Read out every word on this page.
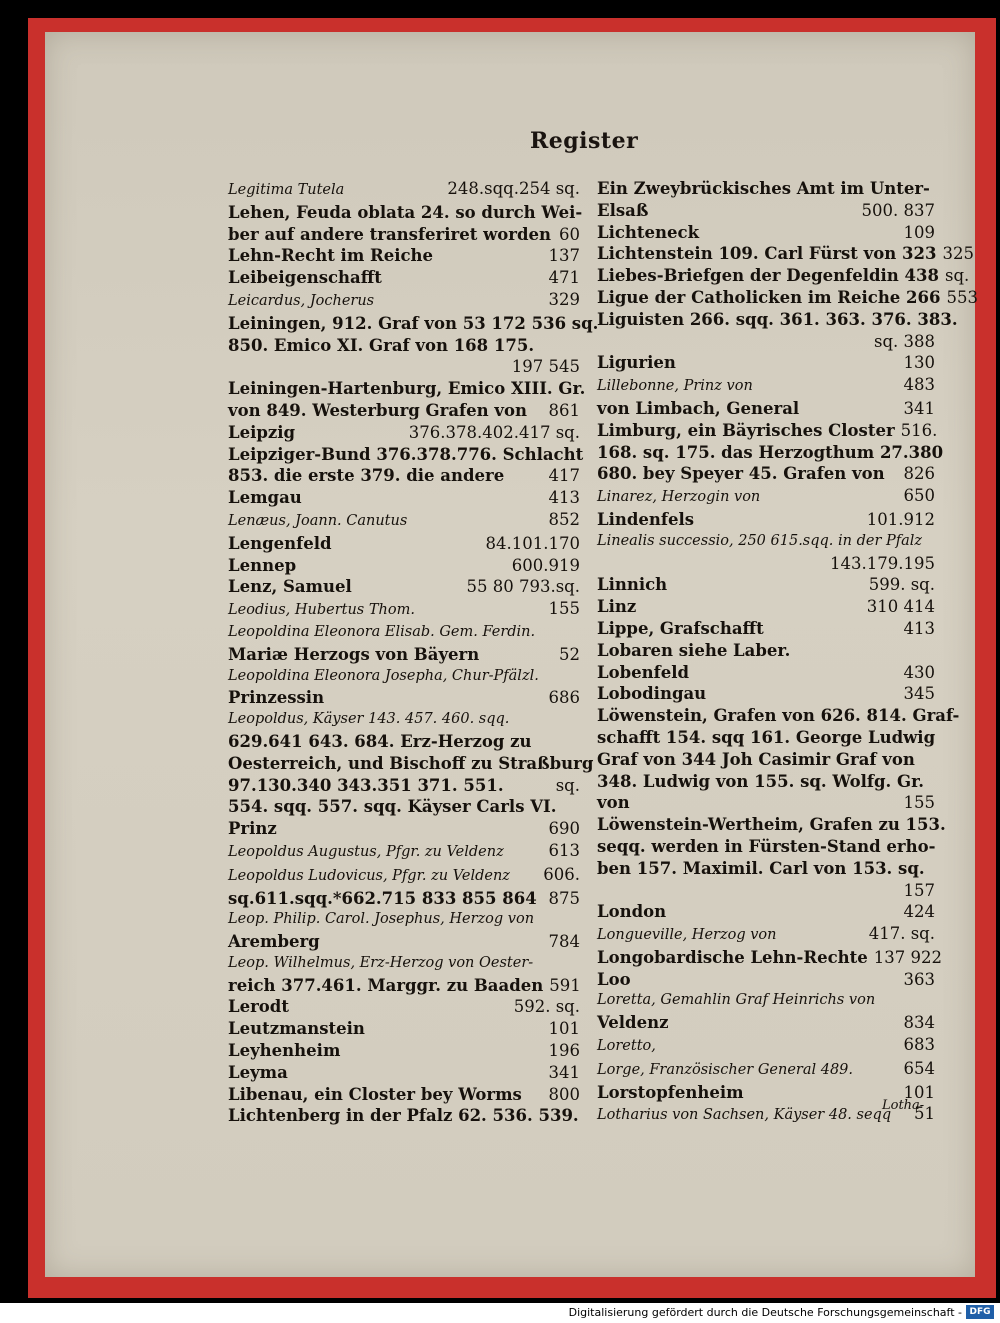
Register
Legitima Tutela	248.sqq.254 sq.
Lehen, Feuda oblata 24. so durch Wei-
ber auf andere transferiret worden 60
Lehn-Recht im Reiche	137
Leibeigenschafft	471
Leicardus, Jocherus	329
Leiningen, 912. Graf von 53 172 536 sq.
850. Emico XI. Graf von 168 175.
197 545
Leiningen-Hartenburg, Emico XIII. Gr.
von 849. Westerburg Grafen von	861
Leipzig	376.378.402.417 sq.
Leipziger-Bund 376.378.776. Schlacht
853. die erste 379. die andere	417
Lemgau	413
Lenæus, Joann. Canutus	852
Lengenfeld	84.101.170
Lennep	600.919
Lenz, Samuel	55 80 793.sq.
Leodius, Hubertus Thom.	155
Leopoldina Eleonora Elisab. Gem. Ferdin.
Mariæ Herzogs von Bäyern	52
Leopoldina Eleonora Josepha, Chur-Pfälzl.
Prinzessin	686
Leopoldus, Käyser 143. 457. 460. sqq.
629.641 643. 684. Erz-Herzog zu
Oesterreich, und Bischoff zu Straßburg
97.130.340 343.351 371. 551.	sq.
554. sqq. 557. sqq. Käyser Carls VI.
Prinz	690
Leopoldus Augustus, Pfgr. zu Veldenz	613
Leopoldus Ludovicus, Pfgr. zu Veldenz	606.
sq.611.sqq.*662.715 833 855 864 875
Leop. Philip. Carol. Josephus, Herzog von
Aremberg	784
Leop. Wilhelmus, Erz-Herzog von Oester-
reich 377.461. Marggr. zu Baaden 591
Lerodt	592. sq.
Leutzmanstein	101
Leyhenheim	196
Leyma	341
Libenau, ein Closter bey Worms	800
Lichtenberg in der Pfalz 62. 536. 539.
Ein Zweybrückisches Amt im Unter-
Elsaß	500. 837
Lichteneck	109
Lichtenstein 109. Carl Fürst von 323 325
Liebes-Briefgen der Degenfeldin 438 sq.
Ligue der Catholicken im Reiche 266 553
Liguisten 266. sqq. 361. 363. 376. 383.
sq. 388
Ligurien	130
Lillebonne, Prinz von	483
von Limbach, General	341
Limburg, ein Bäyrisches Closter 516.
168. sq. 175. das Herzogthum 27.380
680. bey Speyer 45. Grafen von	826
Linarez, Herzogin von	650
Lindenfels	101.912
Linealis successio, 250 615.sqq. in der Pfalz
143.179.195
Linnich	599. sq.
Linz	310 414
Lippe, Grafschafft	413
Lobaren siehe Laber.
Lobenfeld	430
Lobodingau	345
Löwenstein, Grafen von 626. 814. Graf-
schafft 154. sqq 161. George Ludwig
Graf von 344 Joh Casimir Graf von
348. Ludwig von 155. sq. Wolfg. Gr.
von	155
Löwenstein-Wertheim, Grafen zu 153.
seqq. werden in Fürsten-Stand erho-
ben 157. Maximil. Carl von 153. sq.
157
London	424
Longueville, Herzog von	417. sq.
Longobardische Lehn-Rechte 137 922
Loo	363
Loretta, Gemahlin Graf Heinrichs von
Veldenz	834
Loretto,	683
Lorge, Französischer General 489.	654
Lorstopfenheim	101
Lotharius von Sachsen, Käyser 48. seqq	51
Lotha-
Digitalisierung gefördert durch die Deutsche Forschungsgemeinschaft - DFG
